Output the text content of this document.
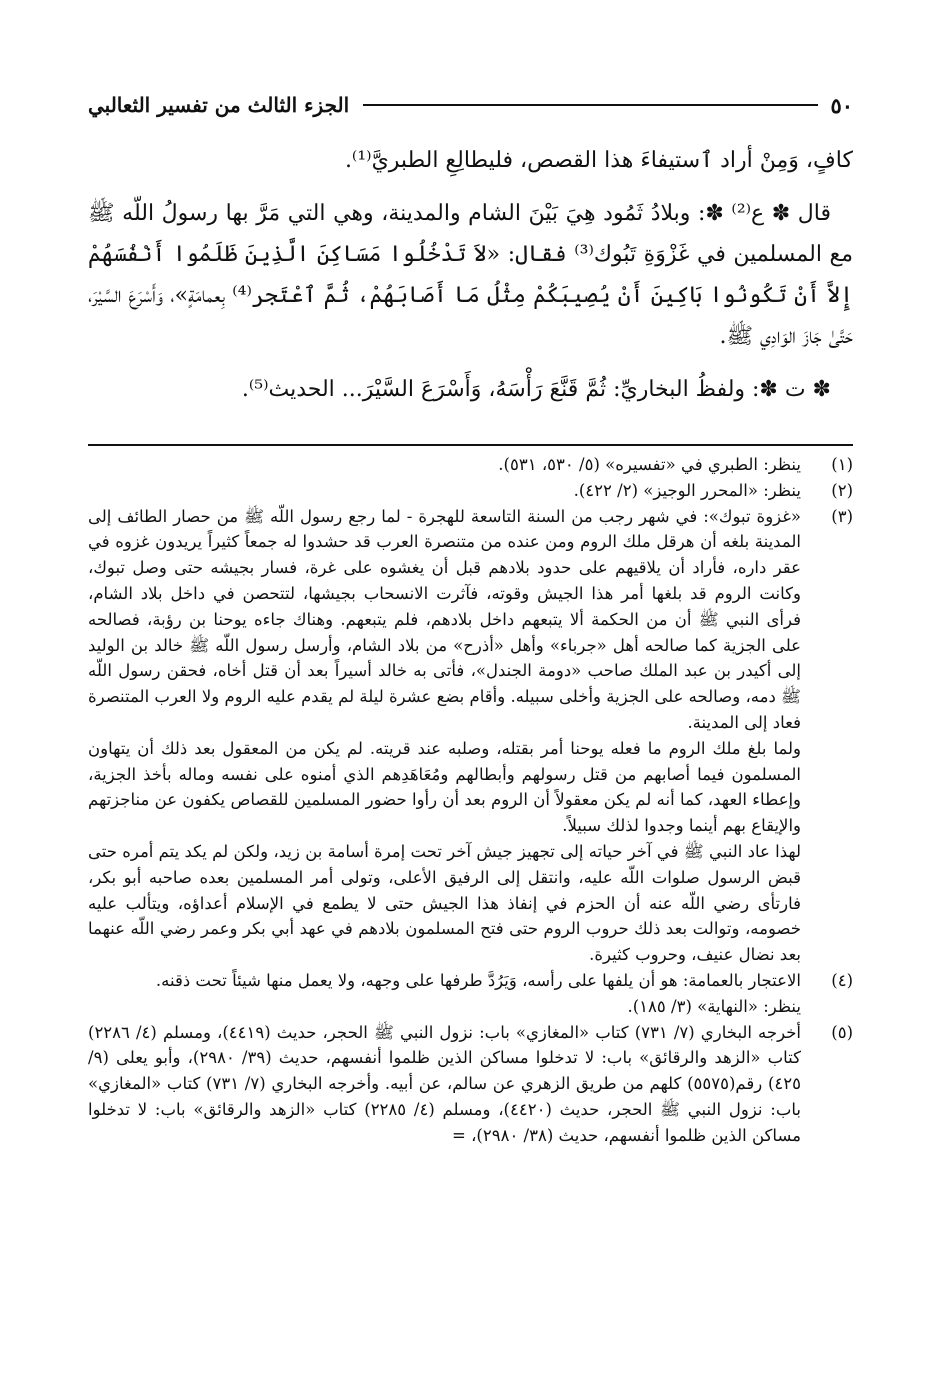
٥٠
الجزء الثالث من تفسير الثعالبي

كافٍ، وَمِنْ أراد ٱستيفاءَ هذا القصص، فليطالِعِ الطبريَّ⁽¹⁾.

قال ✽ ع⁽²⁾ ✽: وبلادُ ثَمُود هِيَ بَيْنَ الشام والمدينة، وهي التي مَرَّ بها رسولُ اللّه ﷺ مع المسلمين في غَزْوَةِ تَبُوك⁽³⁾ فقال: «لاَ تَدْخُلُوا مَسَاكِنَ الَّذِينَ ظَلَمُوا أَنْفُسَهُمْ إِلاَّ أَنْ تَكُونُوا بَاكِينَ أَنْ يُصِيبَكُمْ مِثْلُ مَا أَصَابَهُمْ، ثُمَّ ٱعْتَجر⁽⁴⁾ بِعمامَةٍ»، وَأَسْرَعَ السَّيْرَ، حَتَّىٰ جَازَ الوَادِي ﷺ.

✽ ت ✽: ولفظُ البخاريِّ: ثُمَّ قَنَّعَ رَأْسَهُ، وَأَسْرَعَ السَّيْرَ... الحديث⁽⁵⁾.

(١)

ينظر: الطبري في «تفسيره» (٥/ ٥٣٠، ٥٣١).

(٢)

ينظر: «المحرر الوجيز» (٢/ ٤٢٢).

(٣)

«غزوة تبوك»: في شهر رجب من السنة التاسعة للهجرة - لما رجع رسول اللّه ﷺ من حصار الطائف إلى المدينة بلغه أن هرقل ملك الروم ومن عنده من متنصرة العرب قد حشدوا له جمعاً كثيراً يريدون غزوه في عقر داره، فأراد أن يلاقيهم على حدود بلادهم قبل أن يغشوه على غرة، فسار بجيشه حتى وصل تبوك، وكانت الروم قد بلغها أمر هذا الجيش وقوته، فآثرت الانسحاب بجيشها، لتتحصن في داخل بلاد الشام، فرأى النبي ﷺ أن من الحكمة ألا يتبعهم داخل بلادهم، فلم يتبعهم. وهناك جاءه يوحنا بن رؤبة، فصالحه على الجزية كما صالحه أهل «جرباء» وأهل «أذرح» من بلاد الشام، وأرسل رسول اللّه ﷺ خالد بن الوليد إلى أكيدر بن عبد الملك صاحب «دومة الجندل»، فأتى به خالد أسيراً بعد أن قتل أخاه، فحقن رسول اللّه ﷺ دمه، وصالحه على الجزية وأخلى سبيله. وأقام بضع عشرة ليلة لم يقدم عليه الروم ولا العرب المتنصرة فعاد إلى المدينة.

ولما بلغ ملك الروم ما فعله يوحنا أمر بقتله، وصلبه عند قريته. لم يكن من المعقول بعد ذلك أن يتهاون المسلمون فيما أصابهم من قتل رسولهم وأبطالهم ومُعَاهَدِهم الذي أمنوه على نفسه وماله بأخذ الجزية، وإعطاء العهد، كما أنه لم يكن معقولاً أن الروم بعد أن رأوا حضور المسلمين للقصاص يكفون عن مناجزتهم والإيقاع بهم أينما وجدوا لذلك سبيلاً.

لهذا عاد النبي ﷺ في آخر حياته إلى تجهيز جيش آخر تحت إمرة أسامة بن زيد، ولكن لم يكد يتم أمره حتى قبض الرسول صلوات اللّه عليه، وانتقل إلى الرفيق الأعلى، وتولى أمر المسلمين بعده صاحبه أبو بكر، فارتأى رضي اللّه عنه أن الحزم في إنفاذ هذا الجيش حتى لا يطمع في الإسلام أعداؤه، ويتألب عليه خصومه، وتوالت بعد ذلك حروب الروم حتى فتح المسلمون بلادهم في عهد أبي بكر وعمر رضي اللّه عنهما بعد نضال عنيف، وحروب كثيرة.

(٤)

الاعتجار بالعمامة: هو أن يلفها على رأسه، وَيَرُدَّ طرفها على وجهه، ولا يعمل منها شيئاً تحت ذقنه.

ينظر: «النهاية» (٣/ ١٨٥).

(٥)

أخرجه البخاري (٧/ ٧٣١) كتاب «المغازي» باب: نزول النبي ﷺ الحجر، حديث (٤٤١٩)، ومسلم (٤/ ٢٢٨٦) كتاب «الزهد والرقائق» باب: لا تدخلوا مساكن الذين ظلموا أنفسهم، حديث (٣٩/ ٢٩٨٠)، وأبو يعلى (٩/ ٤٢٥) رقم(٥٥٧٥) كلهم من طريق الزهري عن سالم، عن أبيه. وأخرجه البخاري (٧/ ٧٣١) كتاب «المغازي» باب: نزول النبي ﷺ الحجر، حديث (٤٤٢٠)، ومسلم (٤/ ٢٢٨٥) كتاب «الزهد والرقائق» باب: لا تدخلوا مساكن الذين ظلموا أنفسهم، حديث (٣٨/ ٢٩٨٠)، =
